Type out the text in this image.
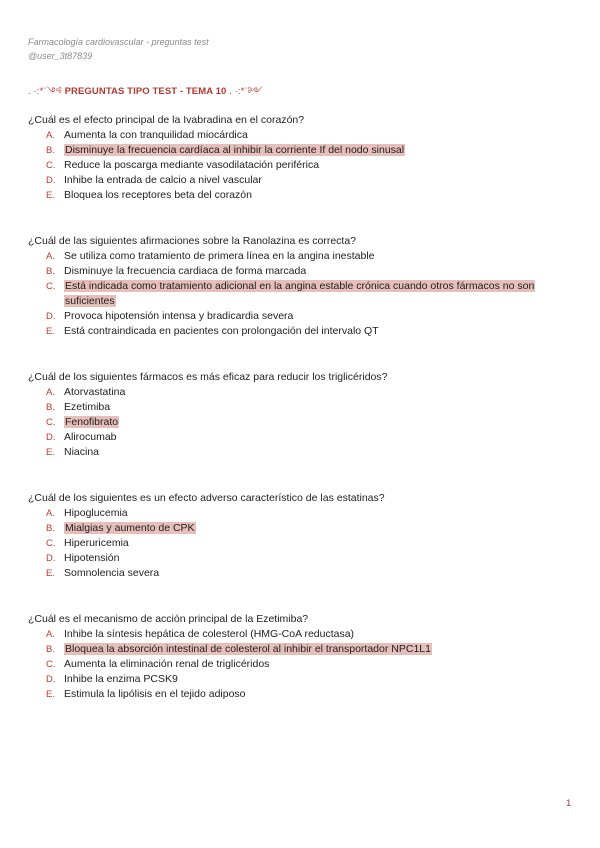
Farmacología cardiovascular - preguntas test
@user_3t87839
. ·:*¨༺ PREGUNTAS TIPO TEST - TEMA 10 . ·:*¨༻
¿Cuál es el efecto principal de la Ivabradina en el corazón?
A. Aumenta la con tranquilidad miocárdica
B. Disminuye la frecuencia cardíaca al inhibir la corriente If del nodo sinusal
C. Reduce la poscarga mediante vasodilatación periférica
D. Inhibe la entrada de calcio a nivel vascular
E. Bloquea los receptores beta del corazón
¿Cuál de las siguientes afirmaciones sobre la Ranolazina es correcta?
A. Se utiliza como tratamiento de primera línea en la angina inestable
B. Disminuye la frecuencia cardiaca de forma marcada
C. Está indicada como tratamiento adicional en la angina estable crónica cuando otros fármacos no son suficientes
D. Provoca hipotensión intensa y bradicardia severa
E. Está contraindicada en pacientes con prolongación del intervalo QT
¿Cuál de los siguientes fármacos es más eficaz para reducir los triglicéridos?
A. Atorvastatina
B. Ezetimiba
C. Fenofibrato
D. Alirocumab
E. Niacina
¿Cuál de los siguientes es un efecto adverso característico de las estatinas?
A. Hipoglucemia
B. Mialgias y aumento de CPK
C. Hiperuricemia
D. Hipotensión
E. Somnolencia severa
¿Cuál es el mecanismo de acción principal de la Ezetimiba?
A. Inhibe la síntesis hepática de colesterol (HMG-CoA reductasa)
B. Bloquea la absorción intestinal de colesterol al inhibir el transportador NPC1L1
C. Aumenta la eliminación renal de triglicéridos
D. Inhibe la enzima PCSK9
E. Estimula la lipólisis en el tejido adiposo
1
